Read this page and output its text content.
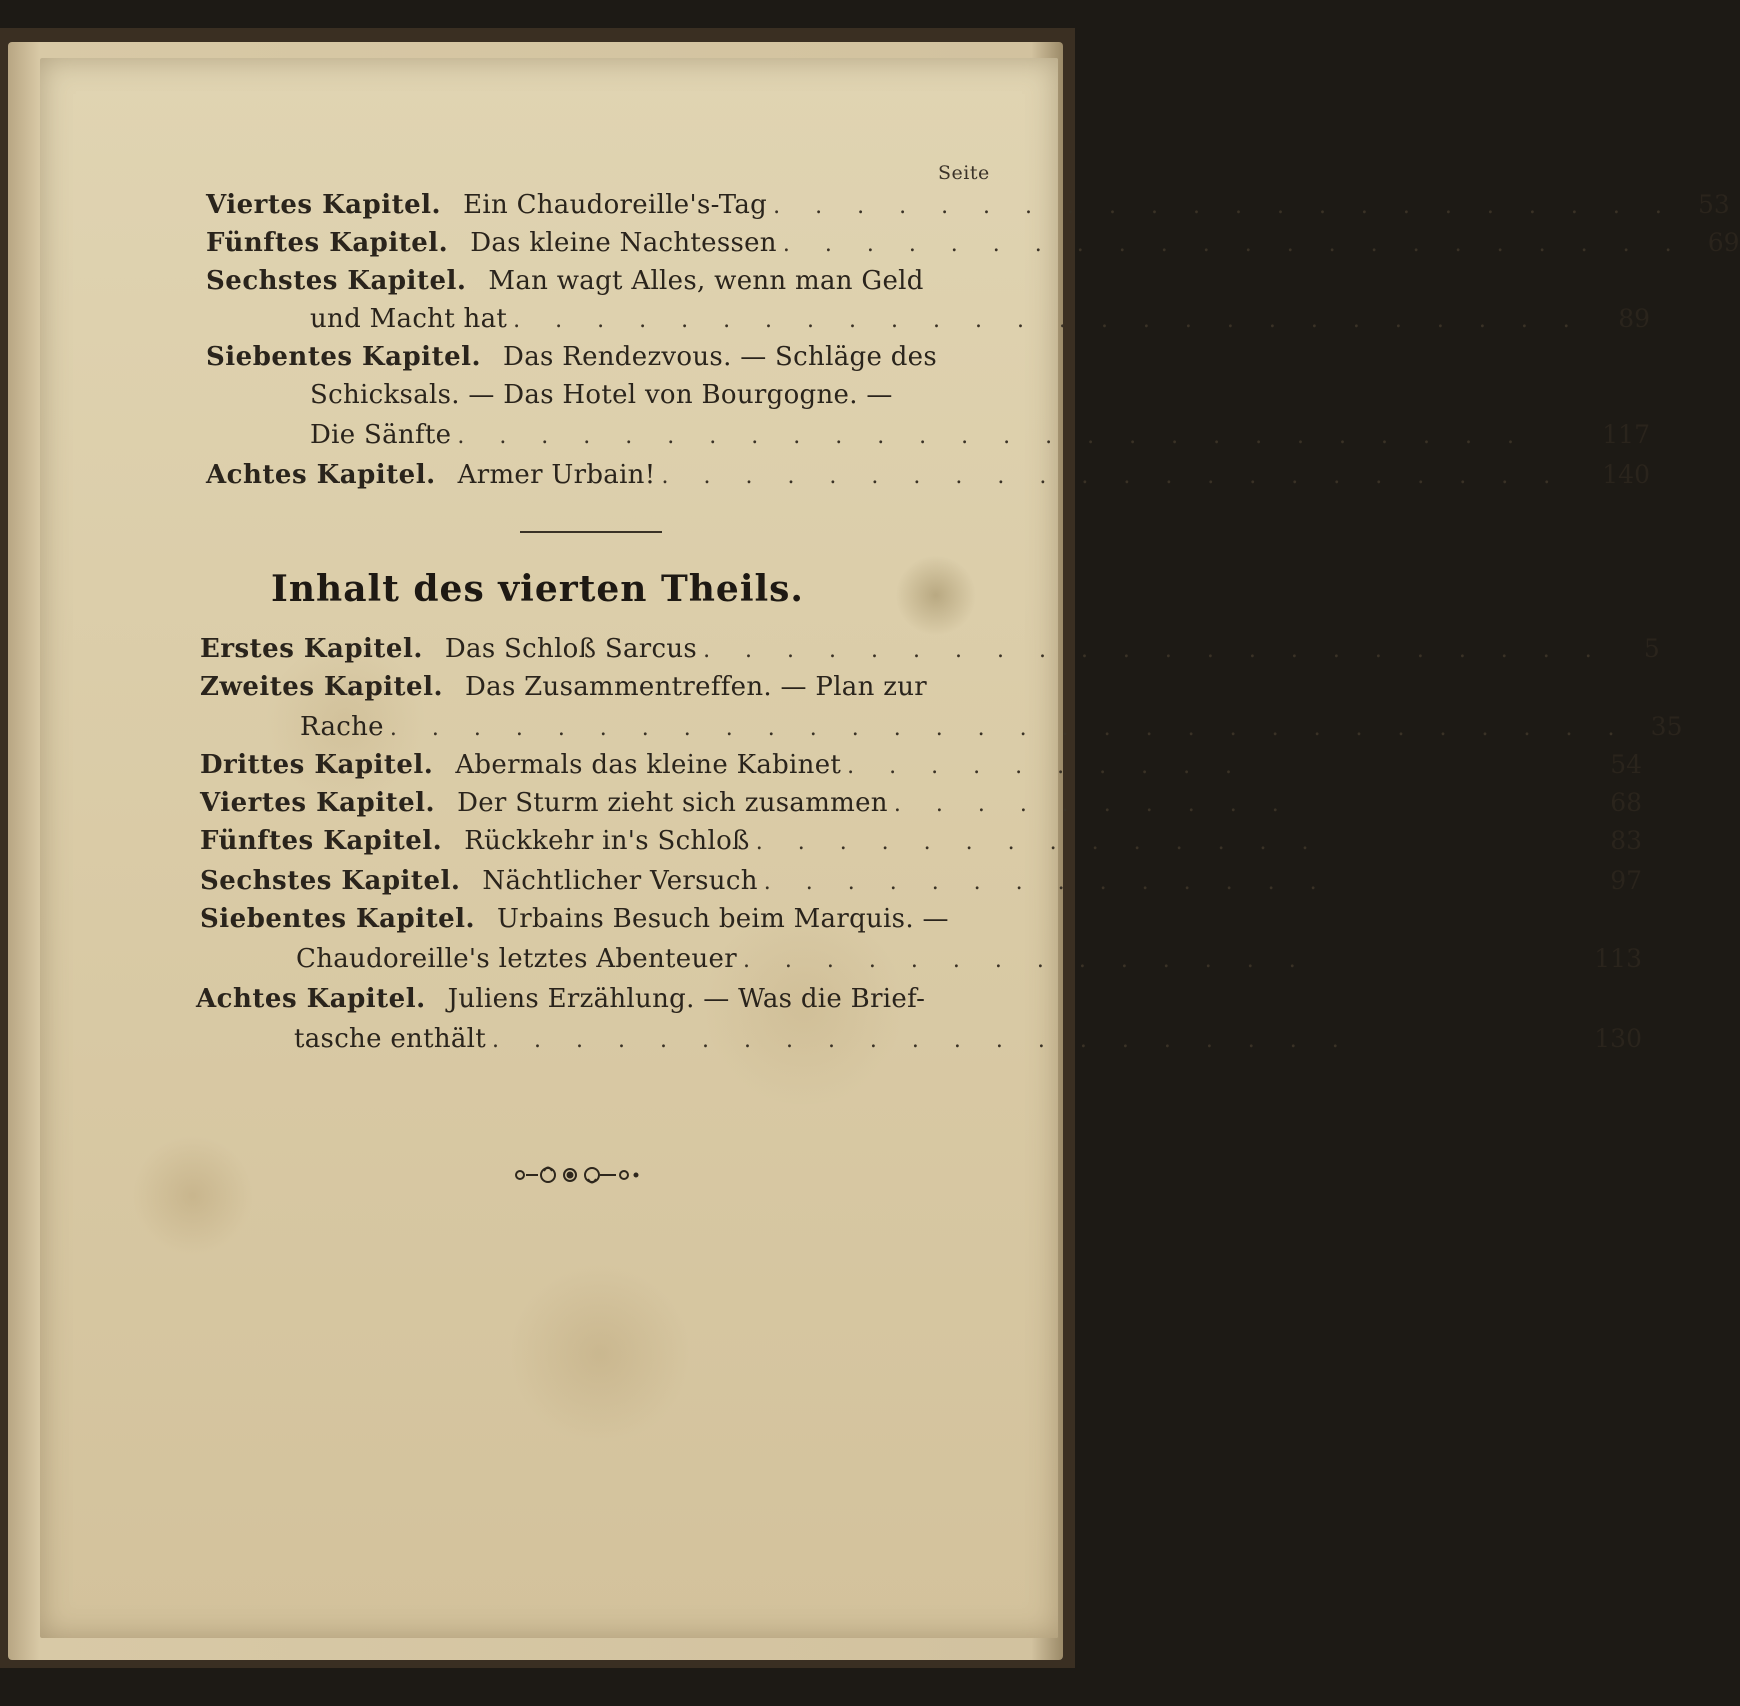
Seite
Viertes Kapitel. Ein Chaudoreille's-Tag . . . . . . . . . . . . . . . . . . . . . . 53
Fünftes Kapitel. Das kleine Nachtessen . . . . . . . . . . . . . . . . . . . . . . 69
Sechstes Kapitel. Man wagt Alles, wenn man Geld
und Macht hat . . . . . . . . . . . . . . . . . . . . . . . . . .	89
Siebentes Kapitel. Das Rendezvous. — Schläge des
Schicksals. — Das Hotel von Bourgogne. —
Die Sänfte . . . . . . . . . . . . . . . . . . . . . . . . . .	117
Achtes Kapitel. Armer Urbain! . . . . . . . . . . . . . . . . . . . . . .	140
Inhalt des vierten Theils.
Erstes Kapitel. Das Schloß Sarcus . . . . . . . . . . . . . . . . . . . . . .	5
Zweites Kapitel. Das Zusammentreffen. — Plan zur
Rache . . . . . . . . . . . . . . . . . . . . . . . . . . . . . . 35
Drittes Kapitel. Abermals das kleine Kabinet . . . . . . . . . .	54
Viertes Kapitel. Der Sturm zieht sich zusammen . . . . . . . . . .	68
Fünftes Kapitel. Rückkehr in's Schloß . . . . . . . . . . . . . .	83
Sechstes Kapitel. Nächtlicher Versuch . . . . . . . . . . . . . .	97
Siebentes Kapitel. Urbains Besuch beim Marquis. —
Chaudoreille's letztes Abenteuer . . . . . . . . . . . . . .	113
Achtes Kapitel. Juliens Erzählung. — Was die Brief-
tasche enthält . . . . . . . . . . . . . . . . . . . . .	130
